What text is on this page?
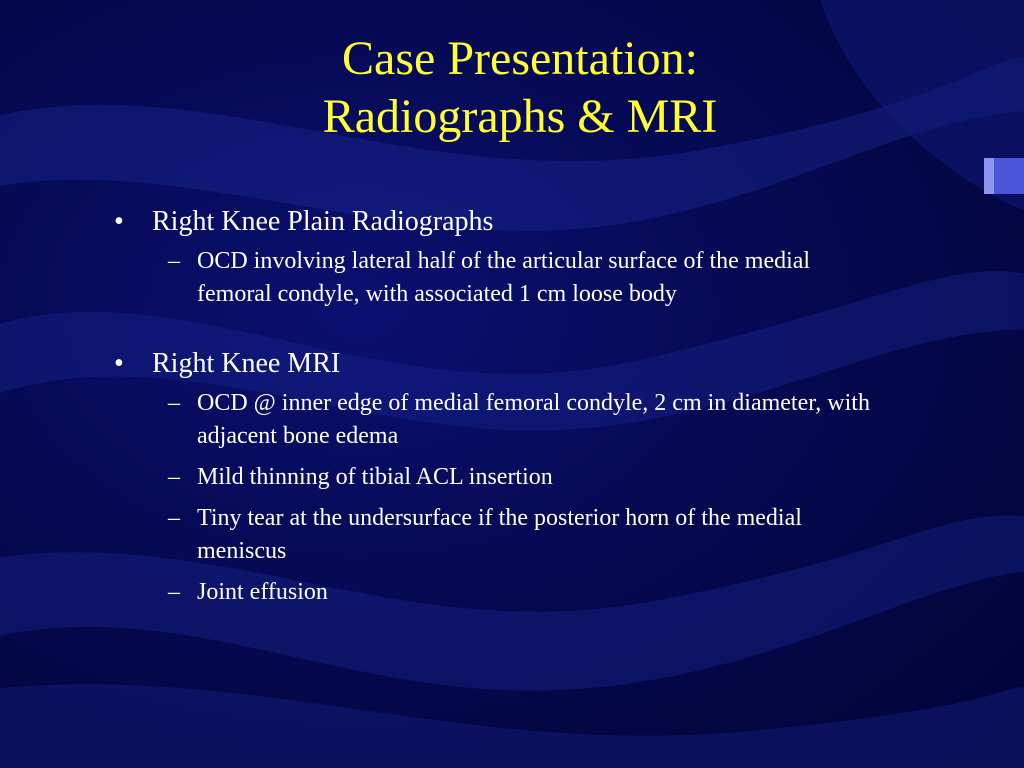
Case Presentation:
Radiographs & MRI
• Right Knee Plain Radiographs
– OCD involving lateral half of the articular surface of the medial femoral condyle, with associated 1 cm loose body
• Right Knee MRI
– OCD @ inner edge of medial femoral condyle, 2 cm in diameter, with adjacent bone edema
– Mild thinning of tibial ACL insertion
– Tiny tear at the undersurface if the posterior horn of the medial meniscus
– Joint effusion
